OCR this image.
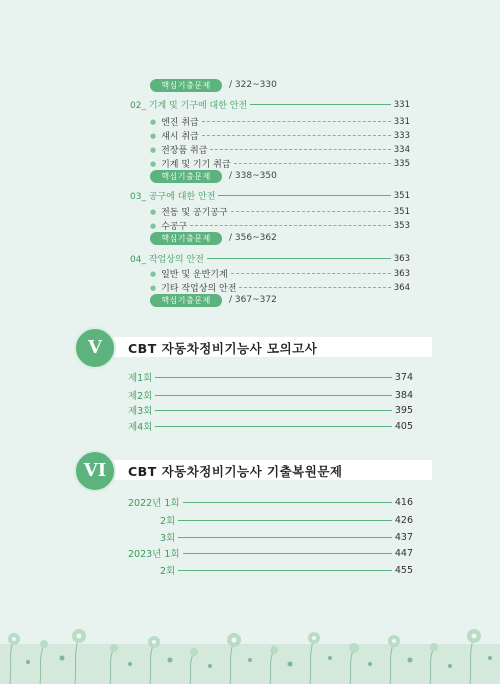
핵심기출문제	/ 322~330
02_ 기계 및 기구에 대한 안전	331
● 엔진 취급	331
● 섀시 취급	333
● 전장품 취급	334
● 기계 및 기기 취급	335
핵심기출문제	/ 338~350
03_ 공구에 대한 안전	351
● 전동 및 공기공구	351
● 수공구	353
핵심기출문제	/ 356~362
04_ 작업상의 안전	363
● 일반 및 운반기계	363
● 기타 작업상의 안전	364
핵심기출문제	/ 367~372
V	CBT 자동차정비기능사 모의고사
제1회	374
제2회	384
제3회	395
제4회	405
VI	CBT 자동차정비기능사 기출복원문제
2022년 1회	416
2회	426
3회	437
2023년 1회	447
2회	455
